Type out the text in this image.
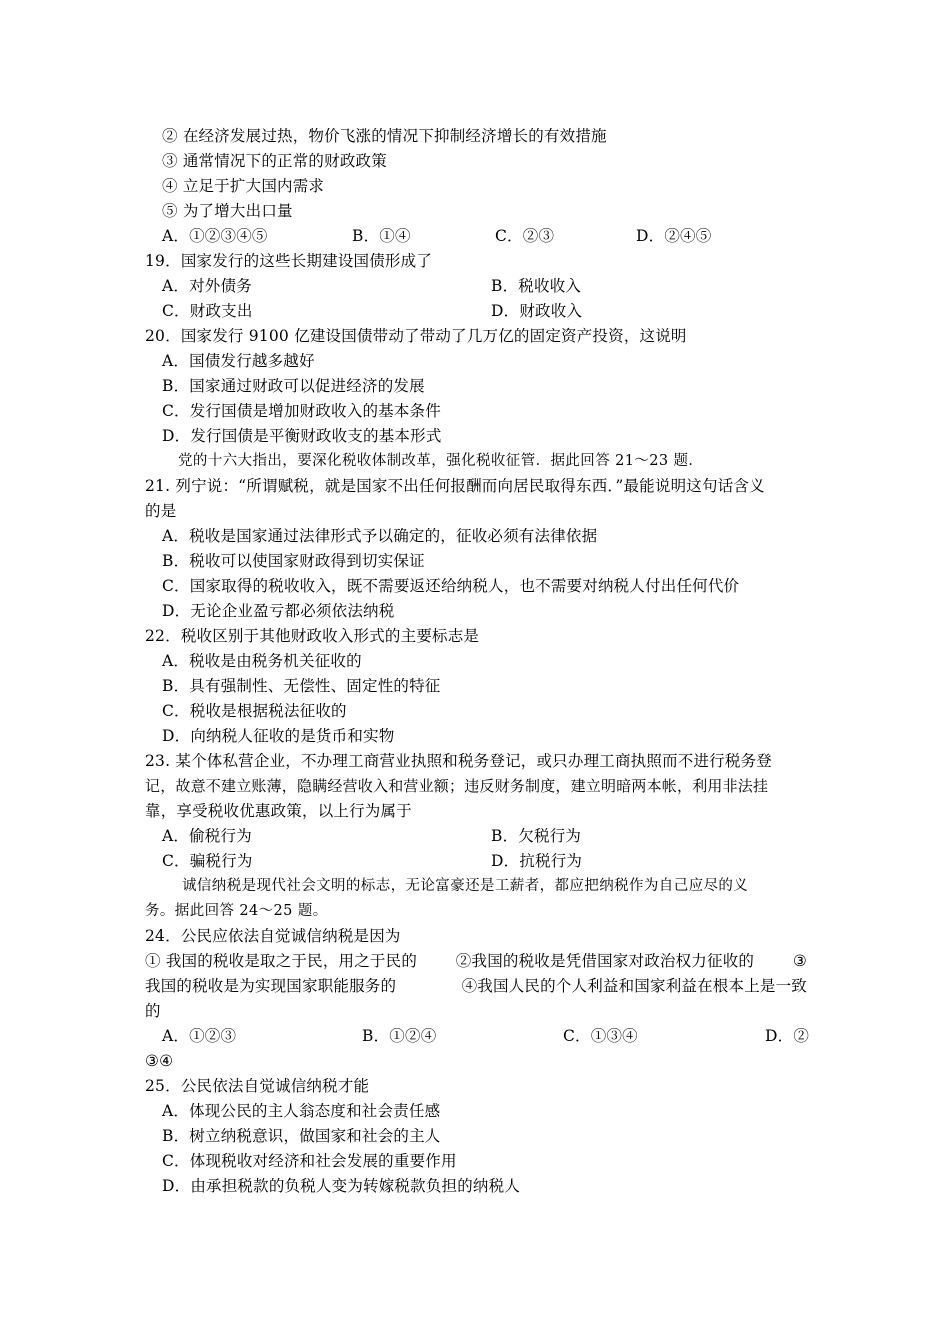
② 在经济发展过热，物价飞涨的情况下抑制经济增长的有效措施
③ 通常情况下的正常的财政政策
④ 立足于扩大国内需求
⑤ 为了增大出口量
A．①②③④⑤	B．①④	C．②③	D．②④⑤
19．国家发行的这些长期建设国债形成了
A．对外债务	B．税收收入
C．财政支出	D．财政收入
20．国家发行 9100 亿建设国债带动了带动了几万亿的固定资产投资，这说明
A．国债发行越多越好
B．国家通过财政可以促进经济的发展
C．发行国债是增加财政收入的基本条件
D．发行国债是平衡财政收支的基本形式
党的十六大指出，要深化税收体制改革，强化税收征管．据此回答 21～23 题．
21. 列宁说：“所谓赋税，就是国家不出任何报酬而向居民取得东西．”最能说明这句话含义
的是
A．税收是国家通过法律形式予以确定的，征收必须有法律依据
B．税收可以使国家财政得到切实保证
C．国家取得的税收收入，既不需要返还给纳税人，也不需要对纳税人付出任何代价
D．无论企业盈亏都必须依法纳税
22．税收区别于其他财政收入形式的主要标志是
A．税收是由税务机关征收的
B．具有强制性、无偿性、固定性的特征
C．税收是根据税法征收的
D．向纳税人征收的是货币和实物
23. 某个体私营企业，不办理工商营业执照和税务登记，或只办理工商执照而不进行税务登
记，故意不建立账薄，隐瞒经营收入和营业额；违反财务制度，建立明暗两本帐，利用非法挂
靠，享受税收优惠政策，以上行为属于
A．偷税行为	B．欠税行为
C．骗税行为	D．抗税行为
诚信纳税是现代社会文明的标志，无论富豪还是工薪者，都应把纳税作为自己应尽的义
务。据此回答 24～25 题。
24．公民应依法自觉诚信纳税是因为
① 我国的税收是取之于民，用之于民的	②我国的税收是凭借国家对政治权力征收的	③
我国的税收是为实现国家职能服务的	④我国人民的个人利益和国家利益在根本上是一致
的
A．①②③	B．①②④	C．①③④	D．②
③④
25．公民依法自觉诚信纳税才能
A．体现公民的主人翁态度和社会责任感
B．树立纳税意识，做国家和社会的主人
C．体现税收对经济和社会发展的重要作用
D．由承担税款的负税人变为转嫁税款负担的纳税人
